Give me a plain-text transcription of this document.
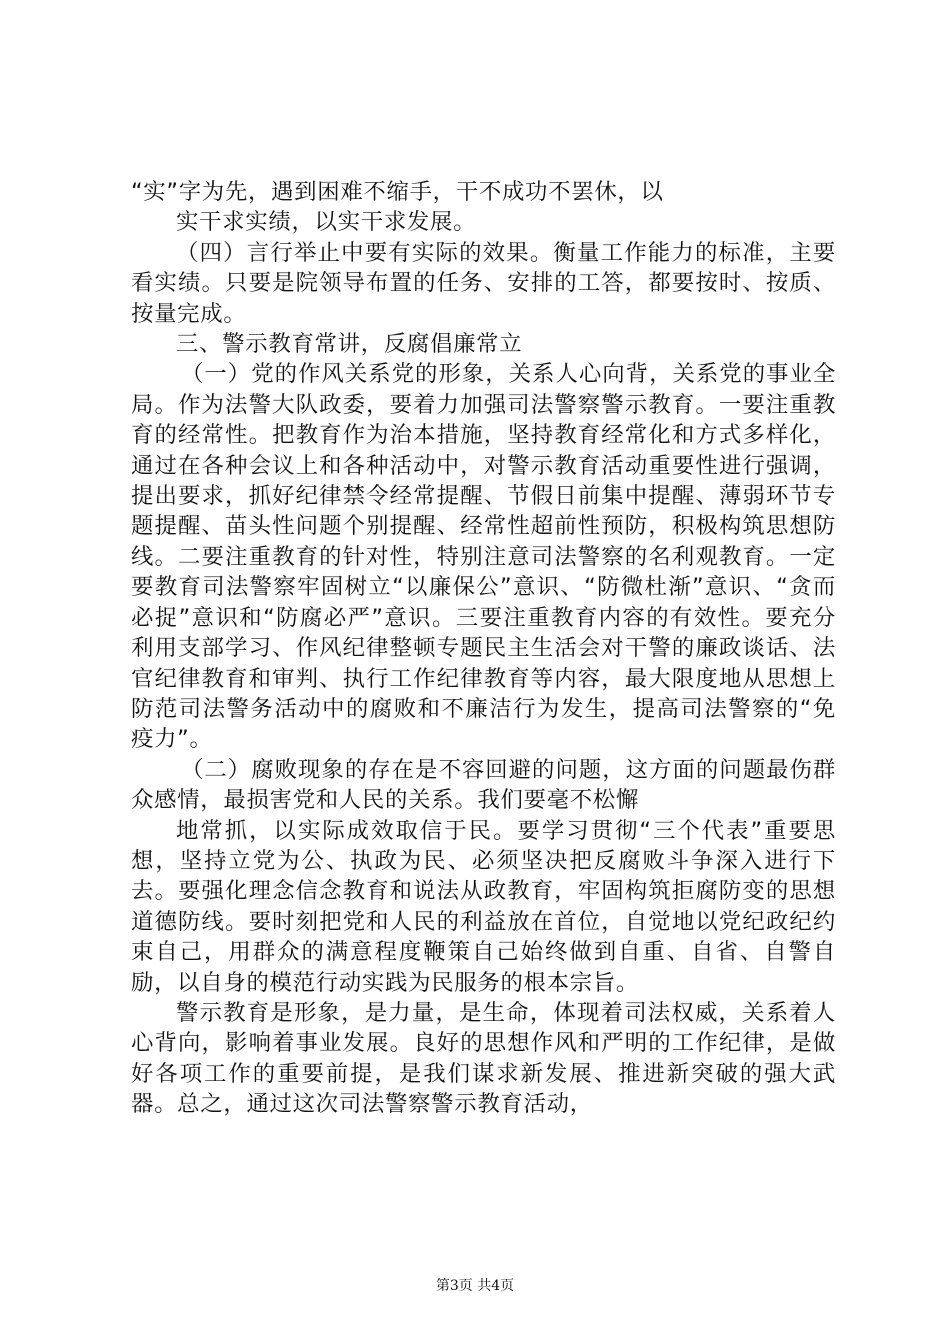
“实”字为先，遇到困难不缩手，干不成功不罢休，以

实干求实绩，以实干求发展。

（四）言行举止中要有实际的效果。衡量工作能力的标准，主要看实绩。只要是院领导布置的任务、安排的工答，都要按时、按质、按量完成。

三、警示教育常讲，反腐倡廉常立

（一）党的作风关系党的形象，关系人心向背，关系党的事业全局。作为法警大队政委，要着力加强司法警察警示教育。一要注重教育的经常性。把教育作为治本措施，坚持教育经常化和方式多样化，通过在各种会议上和各种活动中，对警示教育活动重要性进行强调，提出要求，抓好纪律禁令经常提醒、节假日前集中提醒、薄弱环节专题提醒、苗头性问题个别提醒、经常性超前性预防，积极构筑思想防线。二要注重教育的针对性，特别注意司法警察的名利观教育。一定要教育司法警察牢固树立“以廉保公”意识、“防微杜渐”意识、“贪而必捉”意识和“防腐必严”意识。三要注重教育内容的有效性。要充分利用支部学习、作风纪律整顿专题民主生活会对干警的廉政谈话、法官纪律教育和审判、执行工作纪律教育等内容，最大限度地从思想上防范司法警务活动中的腐败和不廉洁行为发生，提高司法警察的“免疫力”。

（二）腐败现象的存在是不容回避的问题，这方面的问题最伤群众感情，最损害党和人民的关系。我们要毫不松懈

地常抓，以实际成效取信于民。要学习贯彻“三个代表”重要思想，坚持立党为公、执政为民、必须坚决把反腐败斗争深入进行下去。要强化理念信念教育和说法从政教育，牢固构筑拒腐防变的思想道德防线。要时刻把党和人民的利益放在首位，自觉地以党纪政纪约束自己，用群众的满意程度鞭策自己始终做到自重、自省、自警自励，以自身的模范行动实践为民服务的根本宗旨。

警示教育是形象，是力量，是生命，体现着司法权威，关系着人心背向，影响着事业发展。良好的思想作风和严明的工作纪律，是做好各项工作的重要前提，是我们谋求新发展、推进新突破的强大武器。总之，通过这次司法警察警示教育活动，

第3页 共4页
